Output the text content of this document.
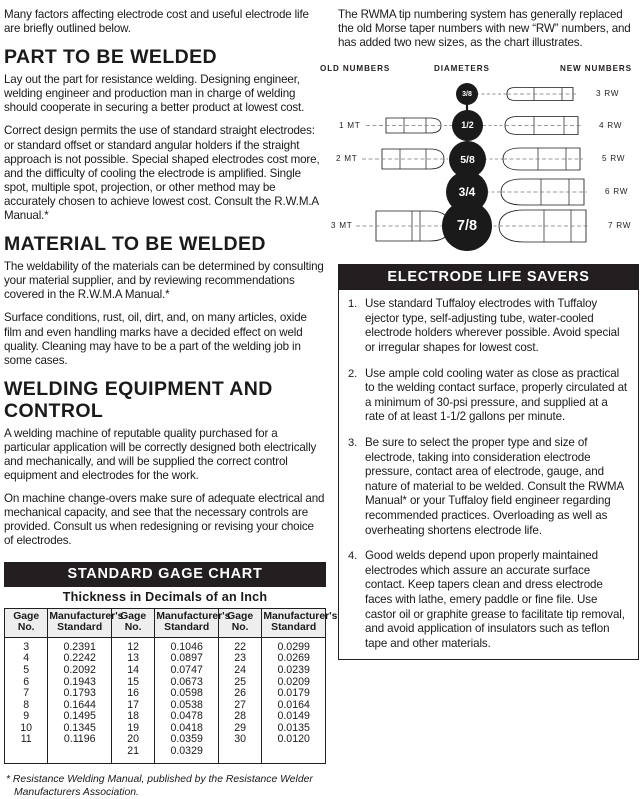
Many factors affecting electrode cost and useful electrode life are briefly outlined below.

PART TO BE WELDED

Lay out the part for resistance welding. Designing engineer, welding engineer and production man in charge of welding should cooperate in securing a better product at lowest cost.

Correct design permits the use of standard straight electrodes: or standard offset or standard angular holders if the straight approach is not possible. Special shaped electrodes cost more, and the difficulty of cooling the electrode is amplified. Single spot, multiple spot, projection, or other method may be accurately chosen to achieve lowest cost. Consult the R.W.M.A Manual.*

MATERIAL TO BE WELDED

The weldability of the materials can be determined by consulting your material supplier, and by reviewing recommendations covered in the R.W.M.A Manual.*

Surface conditions, rust, oil, dirt, and, on many articles, oxide film and even handling marks have a decided effect on weld quality. Cleaning may have to be a part of the welding job in some cases.

WELDING EQUIPMENT AND CONTROL

A welding machine of reputable quality purchased for a particular application will be correctly designed both electrically and mechanically, and will be supplied the correct control equipment and electrodes for the work.

On machine change-overs make sure of adequate electrical and mechanical capacity, and see that the necessary controls are provided. Consult us when redesigning or revising your choice of electrodes.

STANDARD GAGE CHART
Thickness in Decimals of an Inch
Gage
No.	Manufacturer's
Standard	Gage
No.	Manufacturer's
Standard	Gage
No.	Manufacturer's
Standard
3	0.2391	12	0.1046	22	0.0299
4	0.2242	13	0.0897	23	0.0269
5	0.2092	14	0.0747	24	0.0239
6	0.1943	15	0.0673	25	0.0209
7	0.1793	16	0.0598	26	0.0179
8	0.1644	17	0.0538	27	0.0164
9	0.1495	18	0.0478	28	0.0149
10	0.1345	19	0.0418	29	0.0135
11	0.1196	20	0.0359	30	0.0120
		21	0.0329		
* Resistance Welding Manual, published by the Resistance Welder Manufacturers Association.

The RWMA tip numbering system has generally replaced the old Morse taper numbers with new “RW” numbers, and has added two new sizes, as the chart illustrates.

OLD NUMBERS	DIAMETERS	NEW NUMBERS
3/8
1/2
5/8
3/4
7/8
1 MT
2 MT
3 MT
3 RW
4 RW
5 RW
6 RW
7 RW
ELECTRODE LIFE SAVERS
1. Use standard Tuffaloy electrodes with Tuffaloy ejector type, self-adjusting tube, water-cooled electrode holders wherever possible. Avoid special or irregular shapes for lowest cost.
2. Use ample cold cooling water as close as practical to the welding contact surface, properly circulated at a minimum of 30-psi pressure, and supplied at a rate of at least 1-1/2 gallons per minute.
3. Be sure to select the proper type and size of electrode, taking into consideration electrode pressure, contact area of electrode, gauge, and nature of material to be welded. Consult the RWMA Manual* or your Tuffaloy field engineer regarding recommended practices. Overloading as well as overheating shortens electrode life.
4. Good welds depend upon properly maintained electrodes which assure an accurate surface contact. Keep tapers clean and dress electrode faces with lathe, emery paddle or fine file. Use castor oil or graphite grease to facilitate tip removal, and avoid application of insulators such as teflon tape and other materials.
